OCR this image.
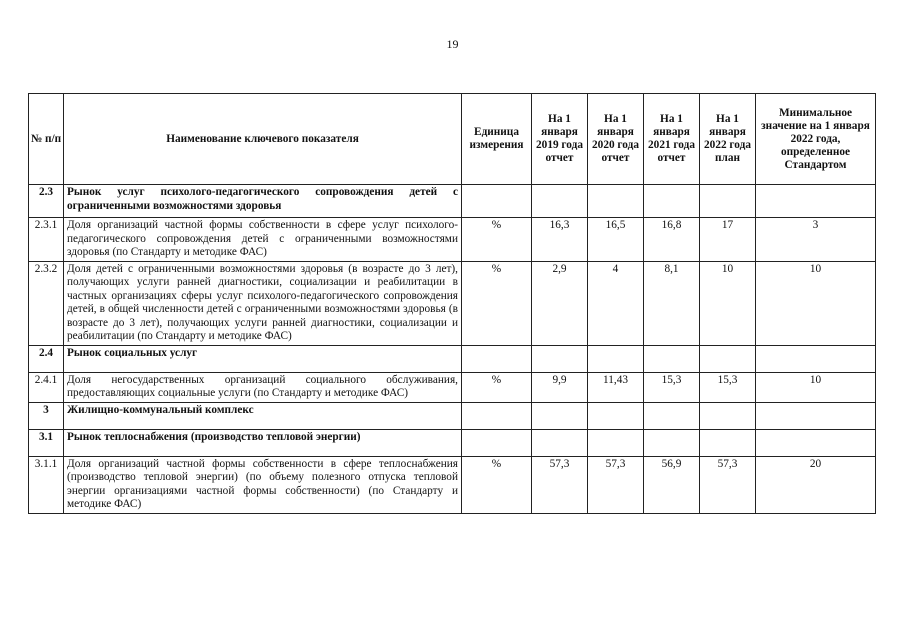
19
№ п/п	Наименование ключевого показателя	Единица измерения	На 1 января 2019 года отчет	На 1 января 2020 года отчет	На 1 января 2021 года отчет	На 1 января 2022 года план	Минимальное значение на 1 января 2022 года, определенное Стандартом
2.3	Рынок услуг психолого-педагогического сопровождения детей с ограниченными возможностями здоровья						
2.3.1	Доля организаций частной формы собственности в сфере услуг психолого-педагогического сопровождения детей с ограниченными возможностями здоровья (по Стандарту и методике ФАС)	%	16,3	16,5	16,8	17	3
2.3.2	Доля детей с ограниченными возможностями здоровья (в возрасте до 3 лет), получающих услуги ранней диагностики, социализации и реабилитации в частных организациях сферы услуг психолого-педагогического сопровождения детей, в общей численности детей с ограниченными возможностями здоровья (в возрасте до 3 лет), получающих услуги ранней диагностики, социализации и реабилитации (по Стандарту и методике ФАС)	%	2,9	4	8,1	10	10
2.4	Рынок социальных услуг						
2.4.1	Доля негосударственных организаций социального обслуживания, предоставляющих социальные услуги (по Стандарту и методике ФАС)	%	9,9	11,43	15,3	15,3	10
3	Жилищно-коммунальный комплекс						
3.1	Рынок теплоснабжения (производство тепловой энергии)						
3.1.1	Доля организаций частной формы собственности в сфере теплоснабжения (производство тепловой энергии) (по объему полезного отпуска тепловой энергии организациями частной формы собственности) (по Стандарту и методике ФАС)	%	57,3	57,3	56,9	57,3	20
